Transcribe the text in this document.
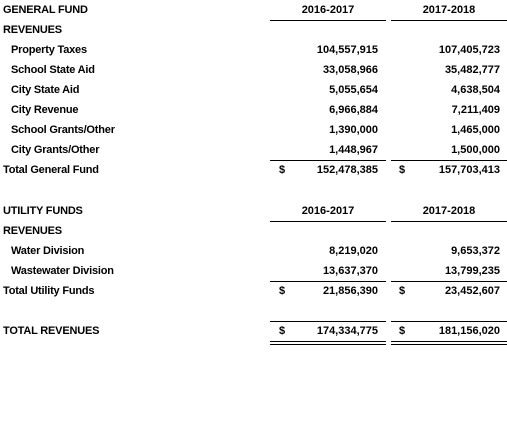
GENERAL FUND	2016-2017	2017-2018
REVENUES
Property Taxes	104,557,915	107,405,723
School State Aid	33,058,966	35,482,777
City State Aid	5,055,654	4,638,504
City Revenue	6,966,884	7,211,409
School Grants/Other	1,390,000	1,465,000
City Grants/Other	1,448,967	1,500,000
Total General Fund	$	152,478,385 $	157,703,413
UTILITY FUNDS	2016-2017	2017-2018
REVENUES
Water Division	8,219,020	9,653,372
Wastewater Division	13,637,370	13,799,235
Total Utility Funds	$	21,856,390 $	23,452,607
TOTAL REVENUES	$	174,334,775 $	181,156,020
